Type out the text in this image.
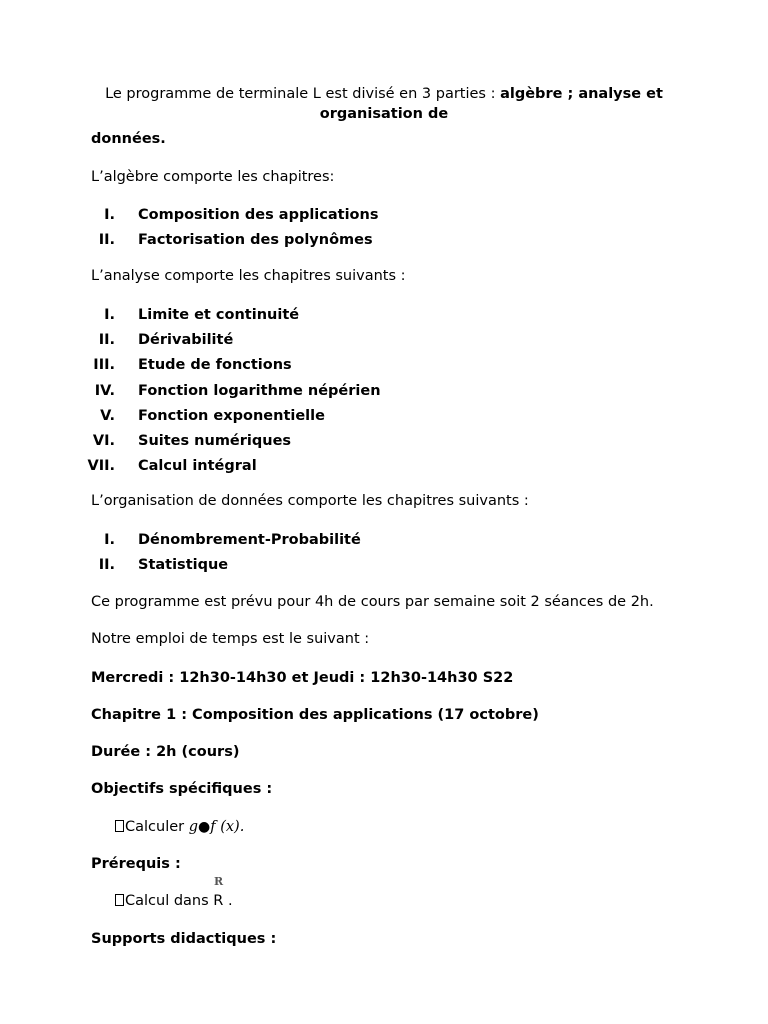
Le programme de terminale L est divisé en 3 parties : algèbre ; analyse et
organisation de
données.
L’algèbre comporte les chapitres:
I. Composition des applications
II. Factorisation des polynômes
L’analyse comporte les chapitres suivants :
I. Limite et continuité
II. Dérivabilité
III. Etude de fonctions
IV. Fonction logarithme népérien
V. Fonction exponentielle
VI. Suites numériques
VII. Calcul intégral
L’organisation de données comporte les chapitres suivants :
I. Dénombrement-Probabilité
II. Statistique
Ce programme est prévu pour 4h de cours par semaine soit 2 séances de 2h.
Notre emploi de temps est le suivant :
Mercredi : 12h30-14h30 et Jeudi : 12h30-14h30 S22
Chapitre 1 : Composition des applications (17 octobre)
Durée : 2h (cours)
Objectifs spécifiques :
Calculer g●f (x).
Prérequis :
R
Calcul dans R .
Supports didactiques :
